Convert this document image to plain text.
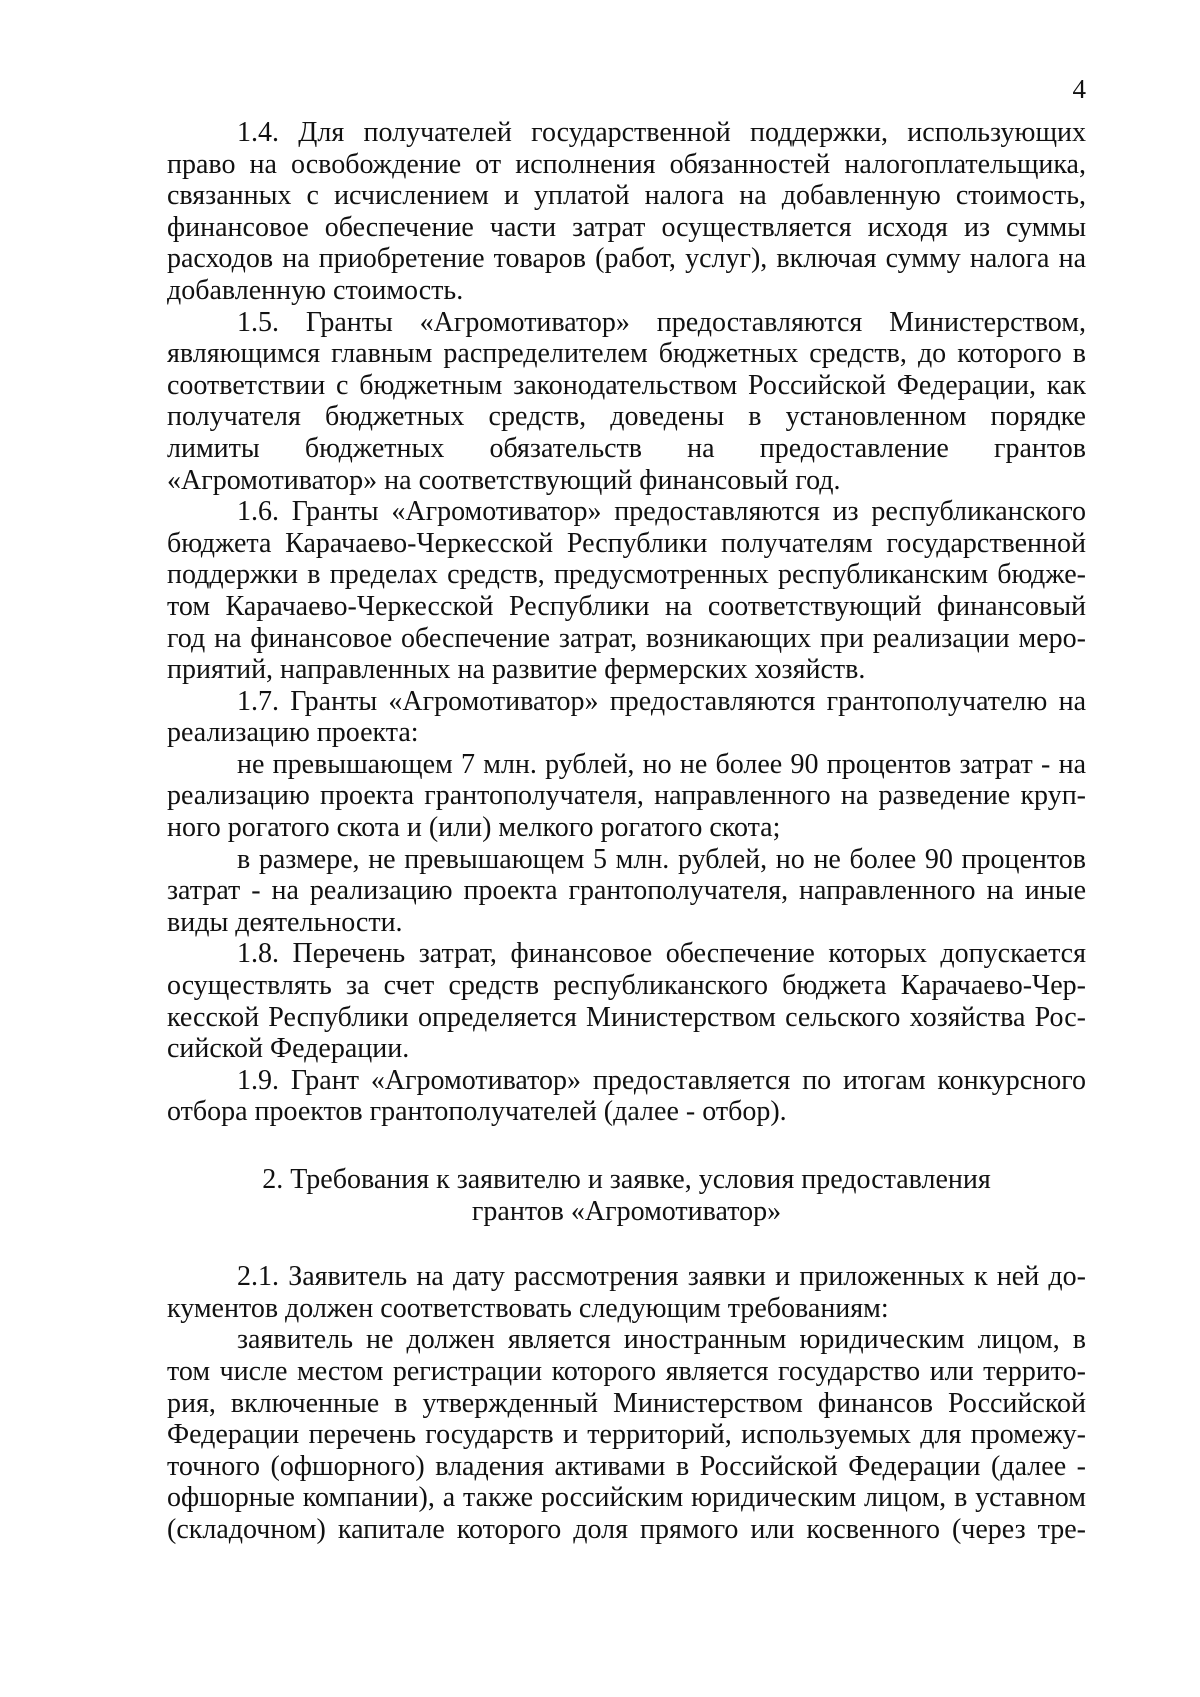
4
1.4. Для получателей государственной поддержки, использующих
право на освобождение от исполнения обязанностей налогоплательщика,
связанных с исчислением и уплатой налога на добавленную стоимость,
финансовое обеспечение части затрат осуществляется исходя из суммы
расходов на приобретение товаров (работ, услуг), включая сумму налога на
добавленную стоимость.
1.5. Гранты «Агромотиватор» предоставляются Министерством,
являющимся главным распределителем бюджетных средств, до которого в
соответствии с бюджетным законодательством Российской Федерации, как
получателя бюджетных средств, доведены в установленном порядке
лимиты бюджетных обязательств на предоставление грантов
«Агромотиватор» на соответствующий финансовый год.
1.6. Гранты «Агромотиватор» предоставляются из республиканского
бюджета Карачаево-Черкесской Республики получателям государственной
поддержки в пределах средств, предусмотренных республиканским бюдже-
том Карачаево-Черкесской Республики на соответствующий финансовый
год на финансовое обеспечение затрат, возникающих при реализации меро-
приятий, направленных на развитие фермерских хозяйств.
1.7. Гранты «Агромотиватор» предоставляются грантополучателю на
реализацию проекта:
не превышающем 7 млн. рублей, но не более 90 процентов затрат - на
реализацию проекта грантополучателя, направленного на разведение круп-
ного рогатого скота и (или) мелкого рогатого скота;
в размере, не превышающем 5 млн. рублей, но не более 90 процентов
затрат - на реализацию проекта грантополучателя, направленного на иные
виды деятельности.
1.8. Перечень затрат, финансовое обеспечение которых допускается
осуществлять за счет средств республиканского бюджета Карачаево-Чер-
кесской Республики определяется Министерством сельского хозяйства Рос-
сийской Федерации.
1.9. Грант «Агромотиватор» предоставляется по итогам конкурсного
отбора проектов грантополучателей (далее - отбор).
2. Требования к заявителю и заявке, условия предоставления
грантов «Агромотиватор»
2.1. Заявитель на дату рассмотрения заявки и приложенных к ней до-
кументов должен соответствовать следующим требованиям:
заявитель не должен является иностранным юридическим лицом, в
том числе местом регистрации которого является государство или террито-
рия, включенные в утвержденный Министерством финансов Российской
Федерации перечень государств и территорий, используемых для промежу-
точного (офшорного) владения активами в Российской Федерации (далее -
офшорные компании), а также российским юридическим лицом, в уставном
(складочном) капитале которого доля прямого или косвенного (через тре-
